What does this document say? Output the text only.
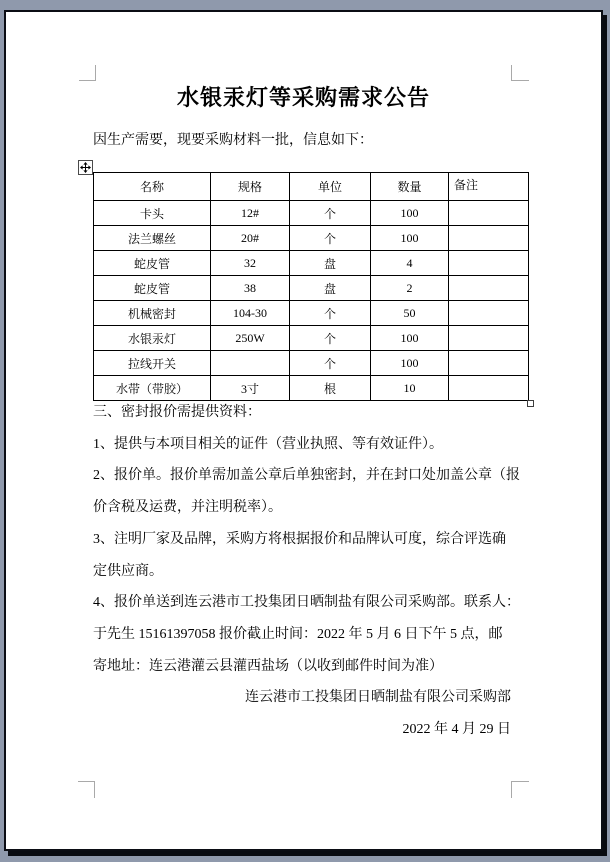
水银汞灯等采购需求公告

因生产需要，现要采购材料一批，信息如下：

名称	规格	单位	数量	备注
卡头	12#	个	100	
法兰螺丝	20#	个	100	
蛇皮管	32	盘	4	
蛇皮管	38	盘	2	
机械密封	104-30	个	50	
水银汞灯	250W	个	100	
拉线开关		个	100	
水带（带胶）	3寸	根	10	
三、密封报价需提供资料：
1、提供与本项目相关的证件（营业执照、等有效证件）。
2、报价单。报价单需加盖公章后单独密封，并在封口处加盖公章（报
价含税及运费，并注明税率）。
3、注明厂家及品牌，采购方将根据报价和品牌认可度，综合评选确
定供应商。
4、报价单送到连云港市工投集团日晒制盐有限公司采购部。联系人：
于先生 15161397058 报价截止时间：2022 年 5 月 6 日下午 5 点，邮
寄地址：连云港灌云县灌西盐场（以收到邮件时间为准）
连云港市工投集团日晒制盐有限公司采购部
2022 年 4 月 29 日
